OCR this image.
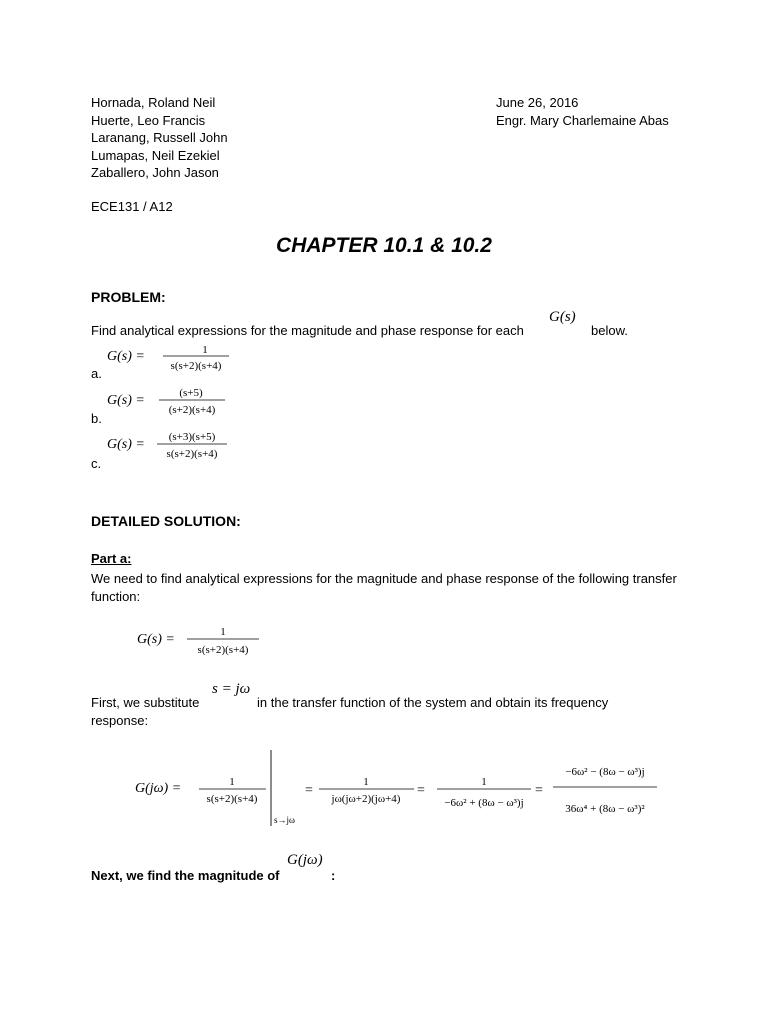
Hornada, Roland Neil
Huerte, Leo Francis
Laranang, Russell John
Lumapas, Neil Ezekiel
Zaballero, John Jason
June 26, 2016
Engr. Mary Charlemaine Abas
ECE131 / A12
CHAPTER 10.1 & 10.2
PROBLEM:
Find analytical expressions for the magnitude and phase response for each
G(s)
below.
a.
G(s) =	1
s(s+2)(s+4)
b.
G(s) =	(s+5)
(s+2)(s+4)
c.
G(s) = (s+3)(s+5)
s(s+2)(s+4)
DETAILED SOLUTION:
Part a:
We need to find analytical expressions for the magnitude and phase response of the following transfer function:
G(s) =	1
s(s+2)(s+4)
First, we substitute
s = jω
in the transfer function of the system and obtain its frequency
response:
G(jω) =	1
s(s+2)(s+4)
s→jω
=
1
jω(jω+2)(jω+4)
=
1
−6ω² + (8ω − ω³)j
=
−6ω² − (8ω − ω³)j
36ω⁴ + (8ω − ω³)²
Next, we find the magnitude of
G(jω)
:
